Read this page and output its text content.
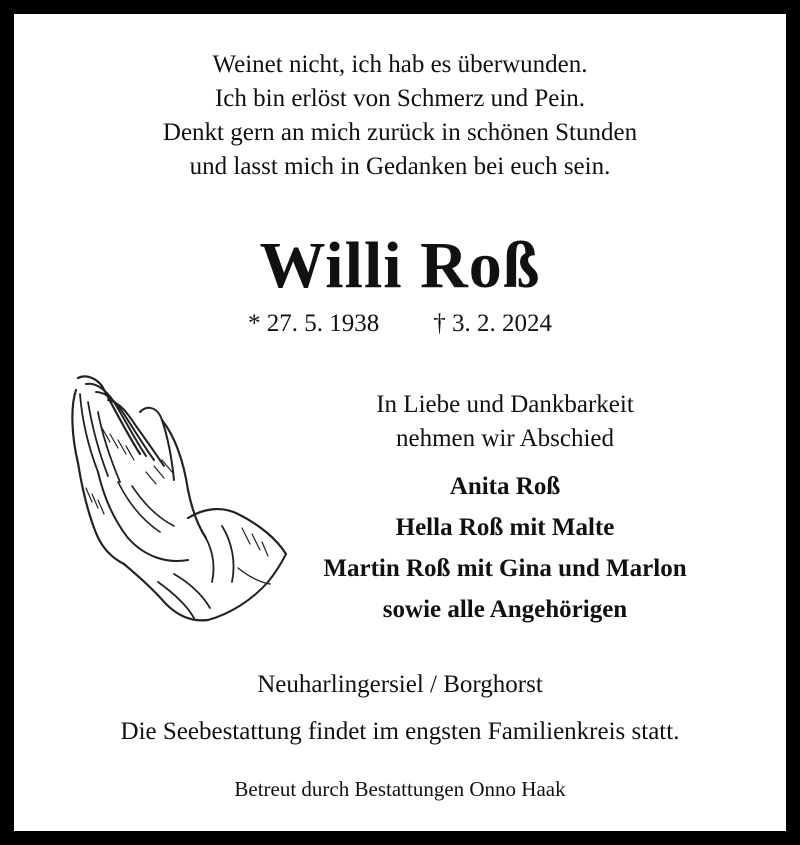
Weinet nicht, ich hab es überwunden.
Ich bin erlöst von Schmerz und Pein.
Denkt gern an mich zurück in schönen Stunden
und lasst mich in Gedanken bei euch sein.
Willi Roß
* 27. 5. 1938 † 3. 2. 2024
In Liebe und Dankbarkeit
nehmen wir Abschied
Anita Roß
Hella Roß mit Malte
Martin Roß mit Gina und Marlon
sowie alle Angehörigen
Neuharlingersiel / Borghorst
Die Seebestattung findet im engsten Familienkreis statt.
Betreut durch Bestattungen Onno Haak
